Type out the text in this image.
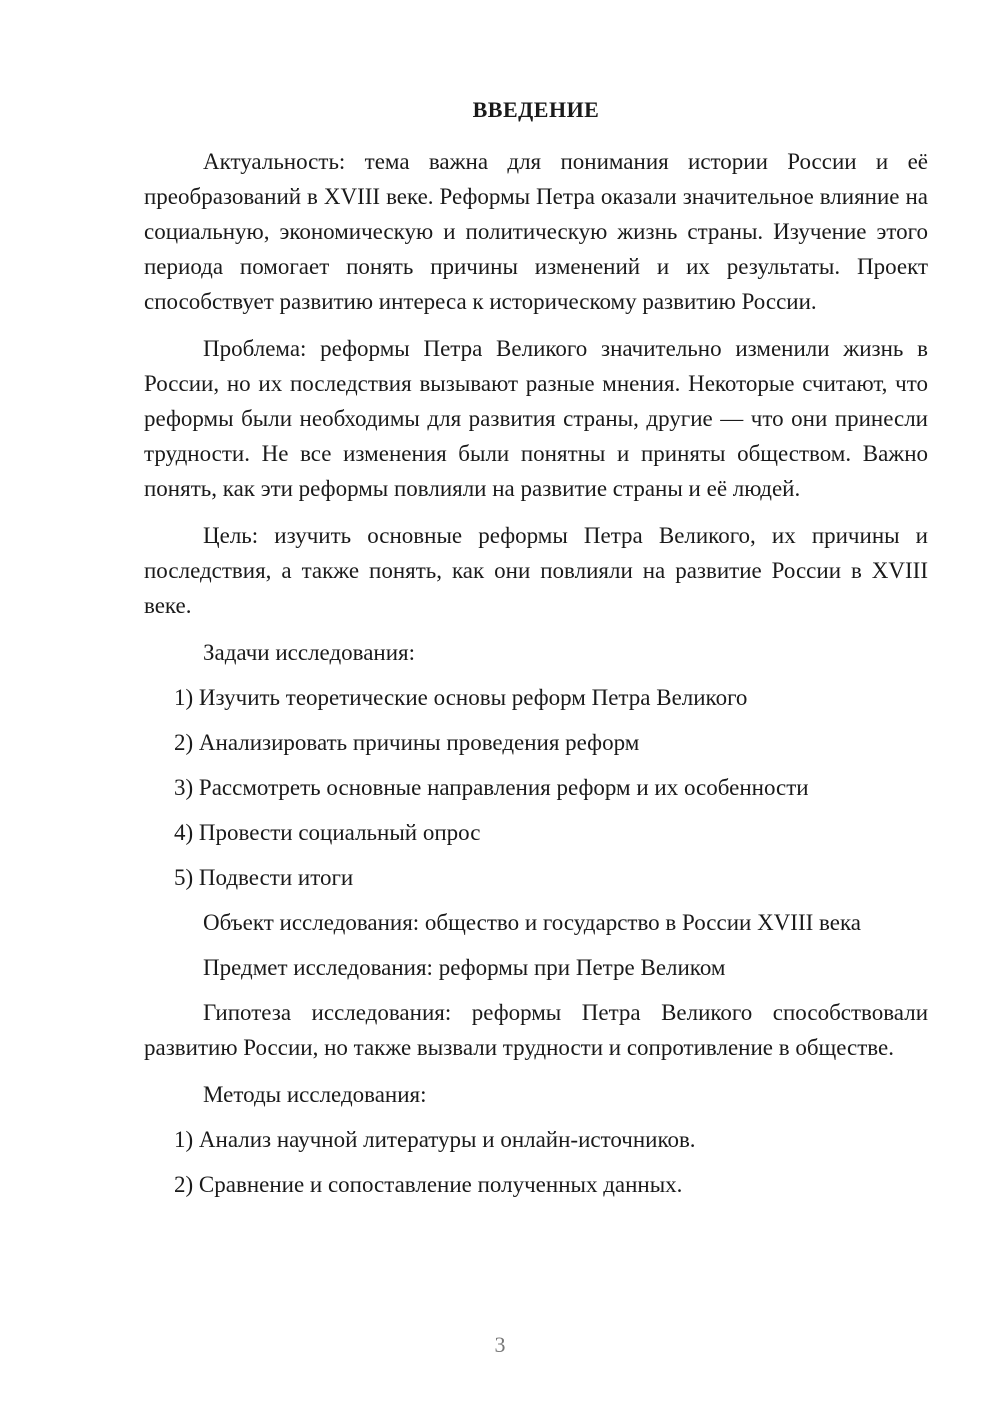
ВВЕДЕНИЕ

Актуальность: тема важна для понимания истории России и её преобразований в XVIII веке. Реформы Петра оказали значительное влияние на социальную, экономическую и политическую жизнь страны. Изучение этого периода помогает понять причины изменений и их результаты. Проект способствует развитию интереса к историческому развитию России.

Проблема: реформы Петра Великого значительно изменили жизнь в России, но их последствия вызывают разные мнения. Некоторые считают, что реформы были необходимы для развития страны, другие — что они принесли трудности. Не все изменения были понятны и приняты обществом. Важно понять, как эти реформы повлияли на развитие страны и её людей.

Цель: изучить основные реформы Петра Великого, их причины и последствия, а также понять, как они повлияли на развитие России в XVIII веке.

Задачи исследования:
1) Изучить теоретические основы реформ Петра Великого
2) Анализировать причины проведения реформ
3) Рассмотреть основные направления реформ и их особенности
4) Провести социальный опрос
5) Подвести итоги
Объект исследования: общество и государство в России XVIII века
Предмет исследования: реформы при Петре Великом

Гипотеза исследования: реформы Петра Великого способствовали развитию России, но также вызвали трудности и сопротивление в обществе.

Методы исследования:
1) Анализ научной литературы и онлайн-источников.
2) Сравнение и сопоставление полученных данных.
3
